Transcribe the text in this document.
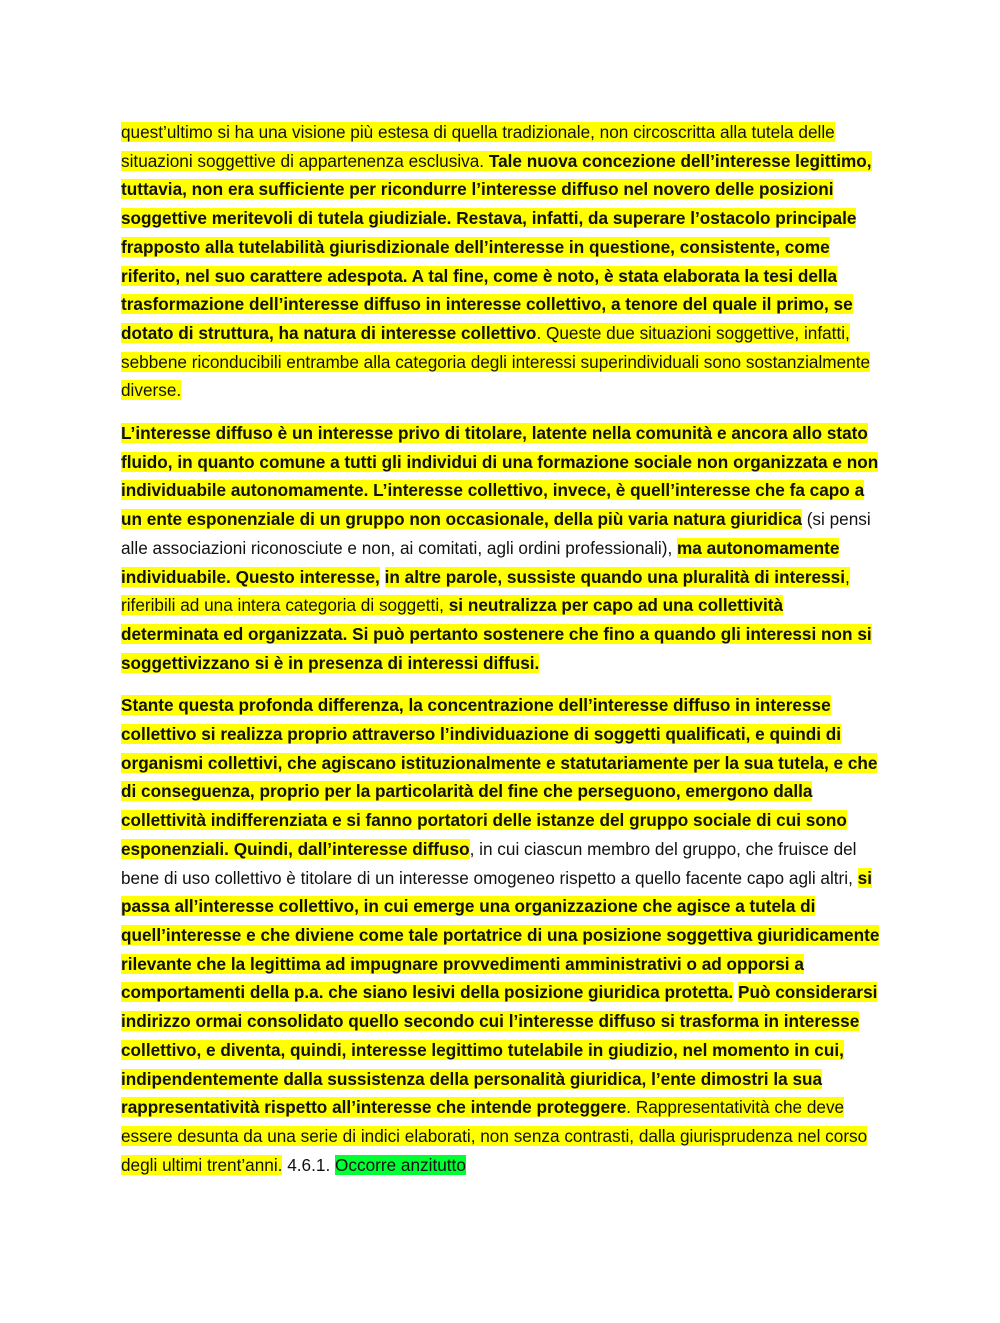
quest’ultimo si ha una visione più estesa di quella tradizionale, non circoscritta alla tutela delle situazioni soggettive di appartenenza esclusiva. Tale nuova concezione dell’interesse legittimo, tuttavia, non era sufficiente per ricondurre l’interesse diffuso nel novero delle posizioni soggettive meritevoli di tutela giudiziale. Restava, infatti, da superare l’ostacolo principale frapposto alla tutelabilità giurisdizionale dell’interesse in questione, consistente, come riferito, nel suo carattere adespota. A tal fine, come è noto, è stata elaborata la tesi della trasformazione dell’interesse diffuso in interesse collettivo, a tenore del quale il primo, se dotato di struttura, ha natura di interesse collettivo. Queste due situazioni soggettive, infatti, sebbene riconducibili entrambe alla categoria degli interessi superindividuali sono sostanzialmente diverse.

L’interesse diffuso è un interesse privo di titolare, latente nella comunità e ancora allo stato fluido, in quanto comune a tutti gli individui di una formazione sociale non organizzata e non individuabile autonomamente. L’interesse collettivo, invece, è quell’interesse che fa capo a un ente esponenziale di un gruppo non occasionale, della più varia natura giuridica (si pensi alle associazioni riconosciute e non, ai comitati, agli ordini professionali), ma autonomamente individuabile. Questo interesse, in altre parole, sussiste quando una pluralità di interessi, riferibili ad una intera categoria di soggetti, si neutralizza per capo ad una collettività determinata ed organizzata. Si può pertanto sostenere che fino a quando gli interessi non si soggettivizzano si è in presenza di interessi diffusi.

Stante questa profonda differenza, la concentrazione dell’interesse diffuso in interesse collettivo si realizza proprio attraverso l’individuazione di soggetti qualificati, e quindi di organismi collettivi, che agiscano istituzionalmente e statutariamente per la sua tutela, e che di conseguenza, proprio per la particolarità del fine che perseguono, emergono dalla collettività indifferenziata e si fanno portatori delle istanze del gruppo sociale di cui sono esponenziali. Quindi, dall’interesse diffuso, in cui ciascun membro del gruppo, che fruisce del bene di uso collettivo è titolare di un interesse omogeneo rispetto a quello facente capo agli altri, si passa all’interesse collettivo, in cui emerge una organizzazione che agisce a tutela di quell’interesse e che diviene come tale portatrice di una posizione soggettiva giuridicamente rilevante che la legittima ad impugnare provvedimenti amministrativi o ad opporsi a comportamenti della p.a. che siano lesivi della posizione giuridica protetta. Può considerarsi indirizzo ormai consolidato quello secondo cui l’interesse diffuso si trasforma in interesse collettivo, e diventa, quindi, interesse legittimo tutelabile in giudizio, nel momento in cui, indipendentemente dalla sussistenza della personalità giuridica, l’ente dimostri la sua rappresentatività rispetto all’interesse che intende proteggere. Rappresentatività che deve essere desunta da una serie di indici elaborati, non senza contrasti, dalla giurisprudenza nel corso degli ultimi trent’anni. 4.6.1. Occorre anzitutto
